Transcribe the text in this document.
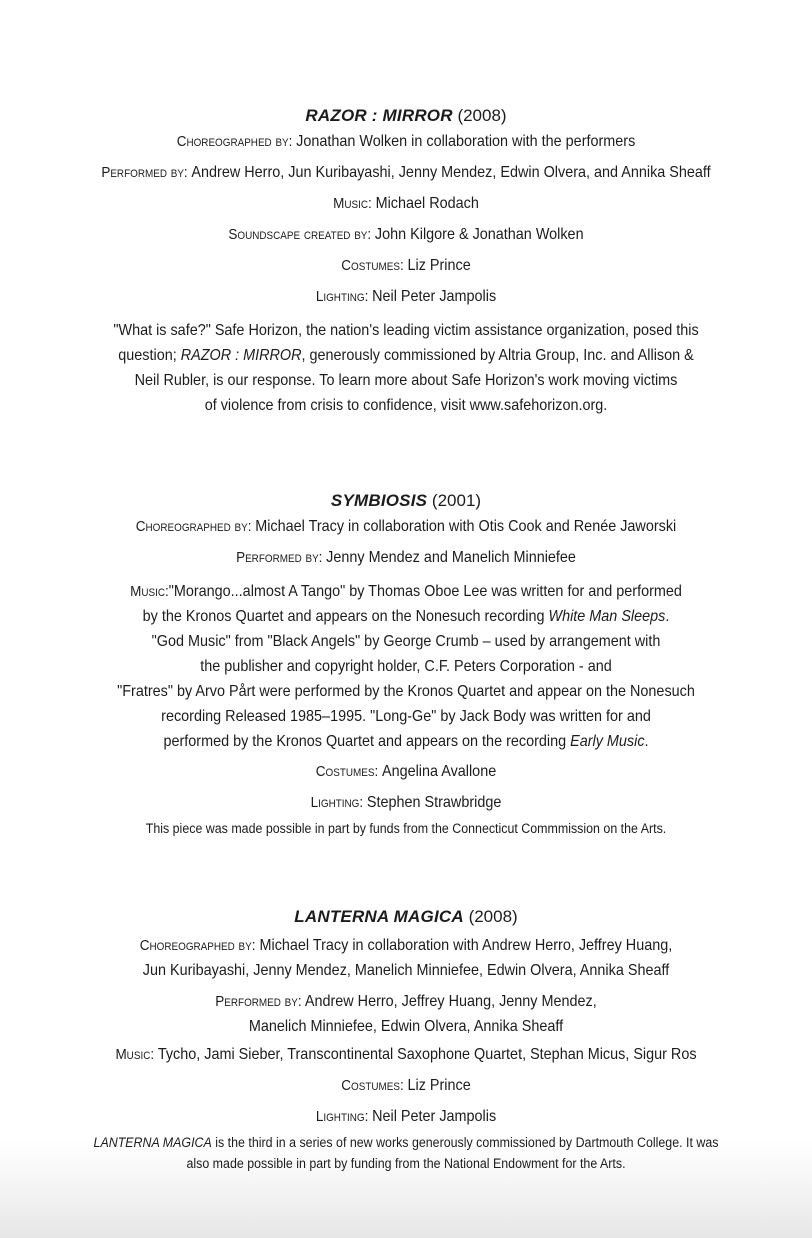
RAZOR : MIRROR (2008)
Choreographed by: Jonathan Wolken in collaboration with the performers
Performed by: Andrew Herro, Jun Kuribayashi, Jenny Mendez, Edwin Olvera, and Annika Sheaff
Music: Michael Rodach
Soundscape created by: John Kilgore & Jonathan Wolken
Costumes: Liz Prince
Lighting: Neil Peter Jampolis
"What is safe?" Safe Horizon, the nation's leading victim assistance organization, posed this
question; RAZOR : MIRROR, generously commissioned by Altria Group, Inc. and Allison &
Neil Rubler, is our response. To learn more about Safe Horizon's work moving victims
of violence from crisis to confidence, visit www.safehorizon.org.
SYMBIOSIS (2001)
Choreographed by: Michael Tracy in collaboration with Otis Cook and Renée Jaworski
Performed by: Jenny Mendez and Manelich Minniefee
Music:"Morango...almost A Tango" by Thomas Oboe Lee was written for and performed
by the Kronos Quartet and appears on the Nonesuch recording White Man Sleeps.
"God Music" from "Black Angels" by George Crumb – used by arrangement with
the publisher and copyright holder, C.F. Peters Corporation - and
"Fratres" by Arvo Pårt were performed by the Kronos Quartet and appear on the Nonesuch
recording Released 1985–1995. "Long-Ge" by Jack Body was written for and
performed by the Kronos Quartet and appears on the recording Early Music.
Costumes: Angelina Avallone
Lighting: Stephen Strawbridge
This piece was made possible in part by funds from the Connecticut Commmission on the Arts.
LANTERNA MAGICA (2008)
Choreographed by: Michael Tracy in collaboration with Andrew Herro, Jeffrey Huang,
Jun Kuribayashi, Jenny Mendez, Manelich Minniefee, Edwin Olvera, Annika Sheaff
Performed by: Andrew Herro, Jeffrey Huang, Jenny Mendez,
Manelich Minniefee, Edwin Olvera, Annika Sheaff
Music: Tycho, Jami Sieber, Transcontinental Saxophone Quartet, Stephan Micus, Sigur Ros
Costumes: Liz Prince
Lighting: Neil Peter Jampolis
LANTERNA MAGICA is the third in a series of new works generously commissioned by Dartmouth College. It was
also made possible in part by funding from the National Endowment for the Arts.
